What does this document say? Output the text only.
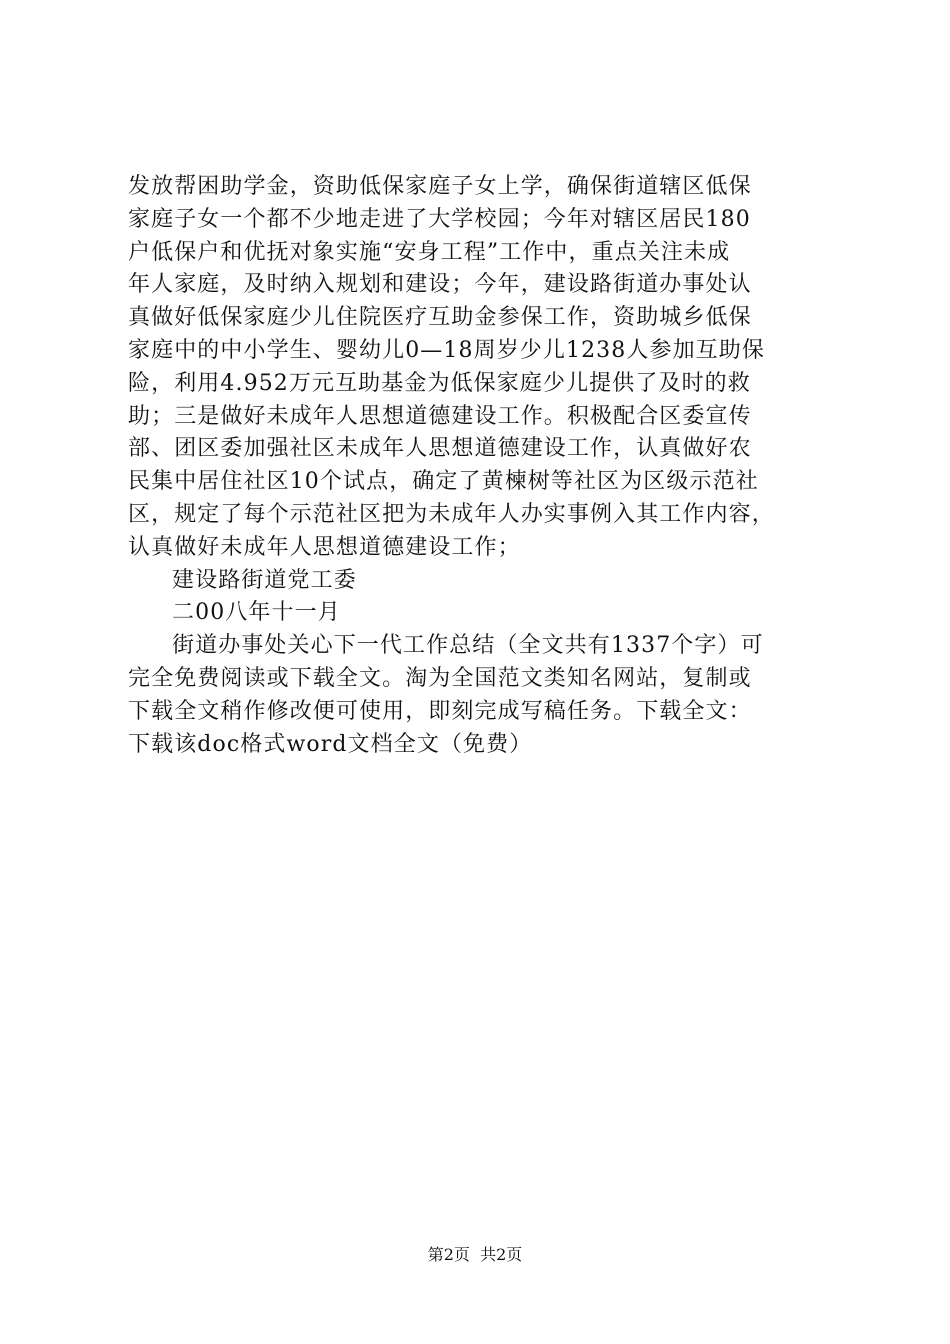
发放帮困助学金，资助低保家庭子女上学，确保街道辖区低保
家庭子女一个都不少地走进了大学校园；今年对辖区居民180
户低保户和优抚对象实施“安身工程”工作中，重点关注未成
年人家庭，及时纳入规划和建设；今年，建设路街道办事处认
真做好低保家庭少儿住院医疗互助金参保工作，资助城乡低保
家庭中的中小学生、婴幼儿0—18周岁少儿1238人参加互助保
险，利用4.952万元互助基金为低保家庭少儿提供了及时的救
助；三是做好未成年人思想道德建设工作。积极配合区委宣传
部、团区委加强社区未成年人思想道德建设工作，认真做好农
民集中居住社区10个试点，确定了黄楝树等社区为区级示范社
区，规定了每个示范社区把为未成年人办实事例入其工作内容，
认真做好未成年人思想道德建设工作；
建设路街道党工委
二00八年十一月
街道办事处关心下一代工作总结（全文共有1337个字）可
完全免费阅读或下载全文。淘为全国范文类知名网站，复制或
下载全文稍作修改便可使用，即刻完成写稿任务。下载全文：
下载该doc格式word文档全文（免费）
第2页  共2页
